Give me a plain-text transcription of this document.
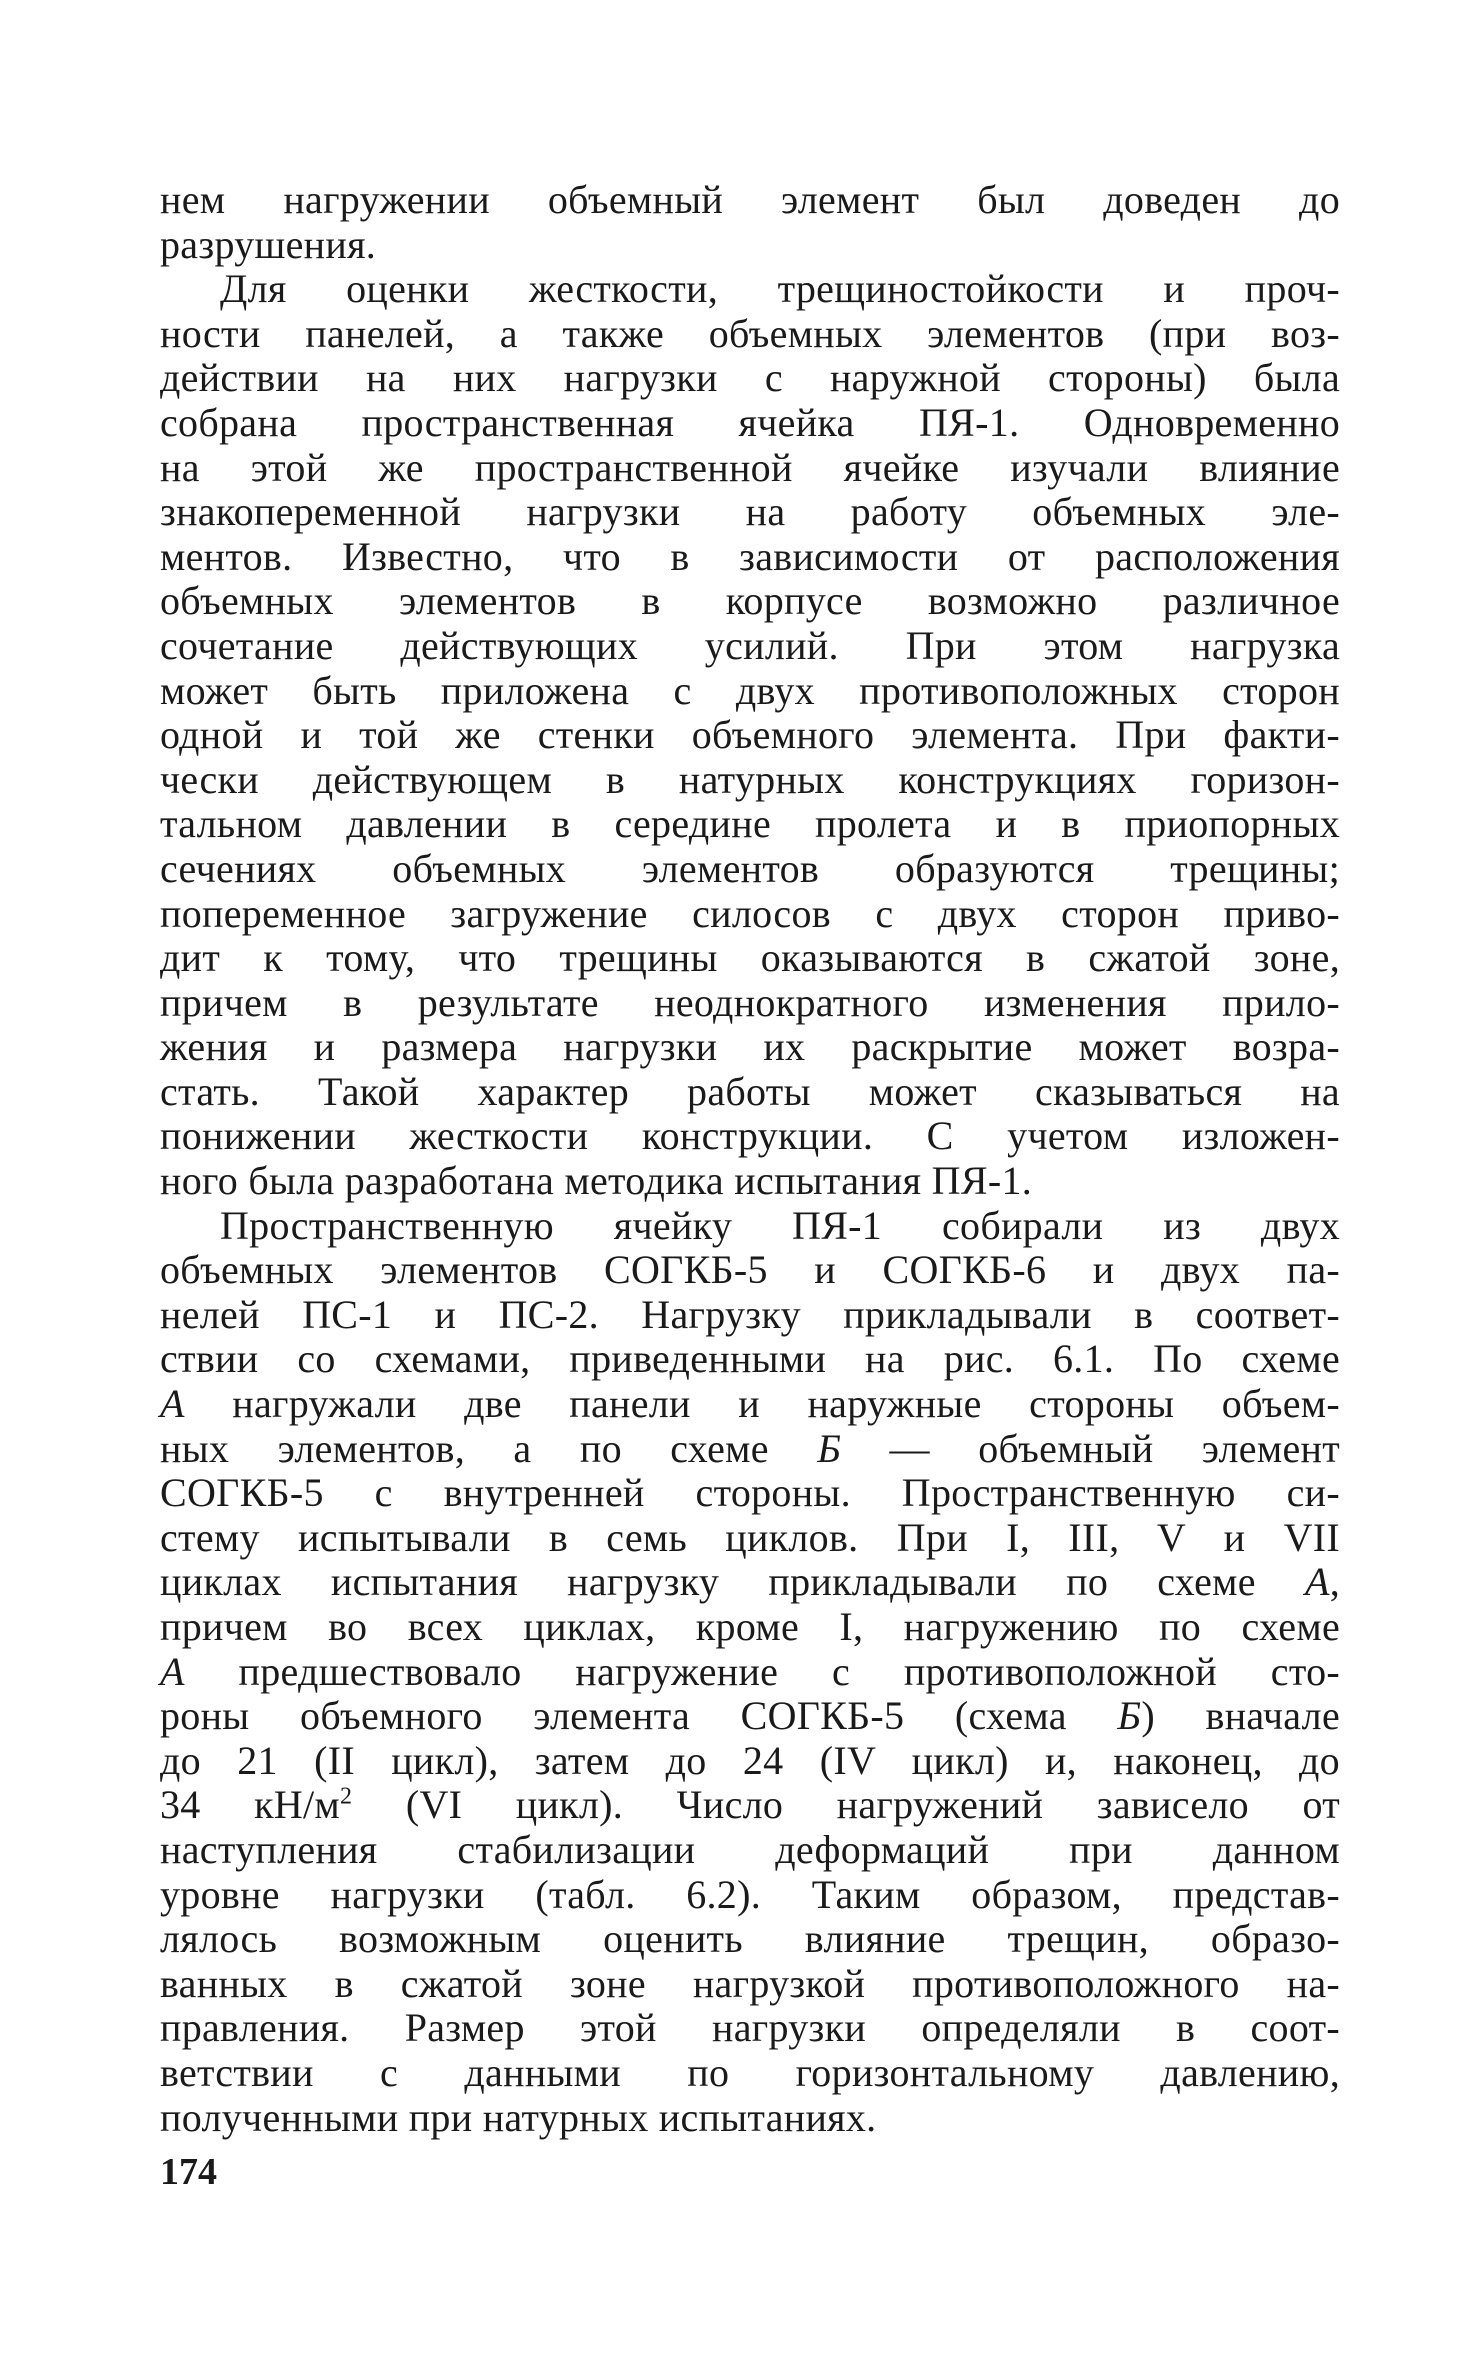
нем нагружении объемный элемент был доведен до
разрушения.
Для оценки жесткости, трещиностойкости и проч-
ности панелей, а также объемных элементов (при воз-
действии на них нагрузки с наружной стороны) была
собрана пространственная ячейка ПЯ-1. Одновременно
на этой же пространственной ячейке изучали влияние
знакопеременной нагрузки на работу объемных эле-
ментов. Известно, что в зависимости от расположения
объемных элементов в корпусе возможно различное
сочетание действующих усилий. При этом нагрузка
может быть приложена с двух противоположных сторон
одной и той же стенки объемного элемента. При факти-
чески действующем в натурных конструкциях горизон-
тальном давлении в середине пролета и в приопорных
сечениях объемных элементов образуются трещины;
попеременное загружение силосов с двух сторон приво-
дит к тому, что трещины оказываются в сжатой зоне,
причем в результате неоднократного изменения прило-
жения и размера нагрузки их раскрытие может возра-
стать. Такой характер работы может сказываться на
понижении жесткости конструкции. С учетом изложен-
ного была разработана методика испытания ПЯ-1.
Пространственную ячейку ПЯ-1 собирали из двух
объемных элементов СОГКБ-5 и СОГКБ-6 и двух па-
нелей ПС-1 и ПС-2. Нагрузку прикладывали в соответ-
ствии со схемами, приведенными на рис. 6.1. По схеме
А нагружали две панели и наружные стороны объем-
ных элементов, а по схеме Б — объемный элемент
СОГКБ-5 с внутренней стороны. Пространственную си-
стему испытывали в семь циклов. При I, III, V и VII
циклах испытания нагрузку прикладывали по схеме А,
причем во всех циклах, кроме I, нагружению по схеме
А предшествовало нагружение с противоположной сто-
роны объемного элемента СОГКБ-5 (схема Б) вначале
до 21 (II цикл), затем до 24 (IV цикл) и, наконец, до
34 $кН/м^2$ (VI цикл). Число нагружений зависело от
наступления стабилизации деформаций при данном
уровне нагрузки (табл. 6.2). Таким образом, представ-
лялось возможным оценить влияние трещин, образо-
ванных в сжатой зоне нагрузкой противоположного на-
правления. Размер этой нагрузки определяли в соот-
ветствии с данными по горизонтальному давлению,
полученными при натурных испытаниях.
174
